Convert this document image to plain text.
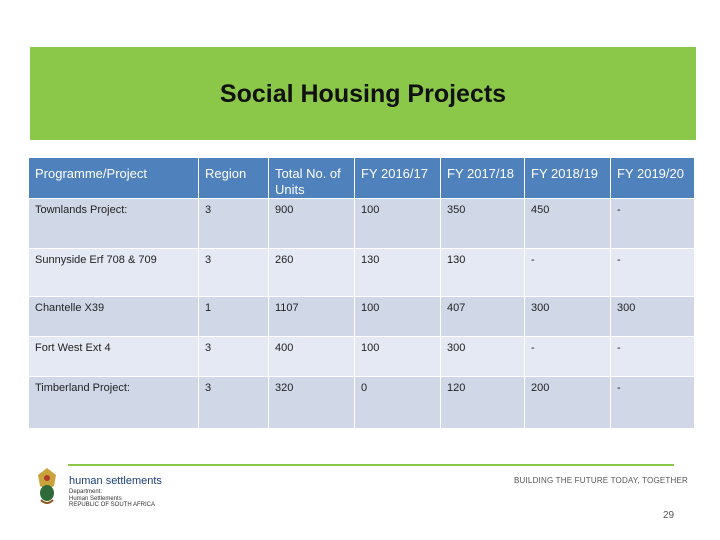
Social Housing Projects
Programme/Project	Region	Total No. of Units	FY 2016/17	FY 2017/18	FY 2018/19	FY 2019/20
Townlands Project:	3	900	100	350	450	-
Sunnyside Erf 708 & 709	3	260	130	130	-	-
Chantelle X39	1	1107	100	407	300	300
Fort West Ext 4	3	400	100	300	-	-
Timberland Project:	3	320	0	120	200	-
human settlements
Department:
Human Settlements
REPUBLIC OF SOUTH AFRICA
BUILDING THE FUTURE TODAY, TOGETHER
29
